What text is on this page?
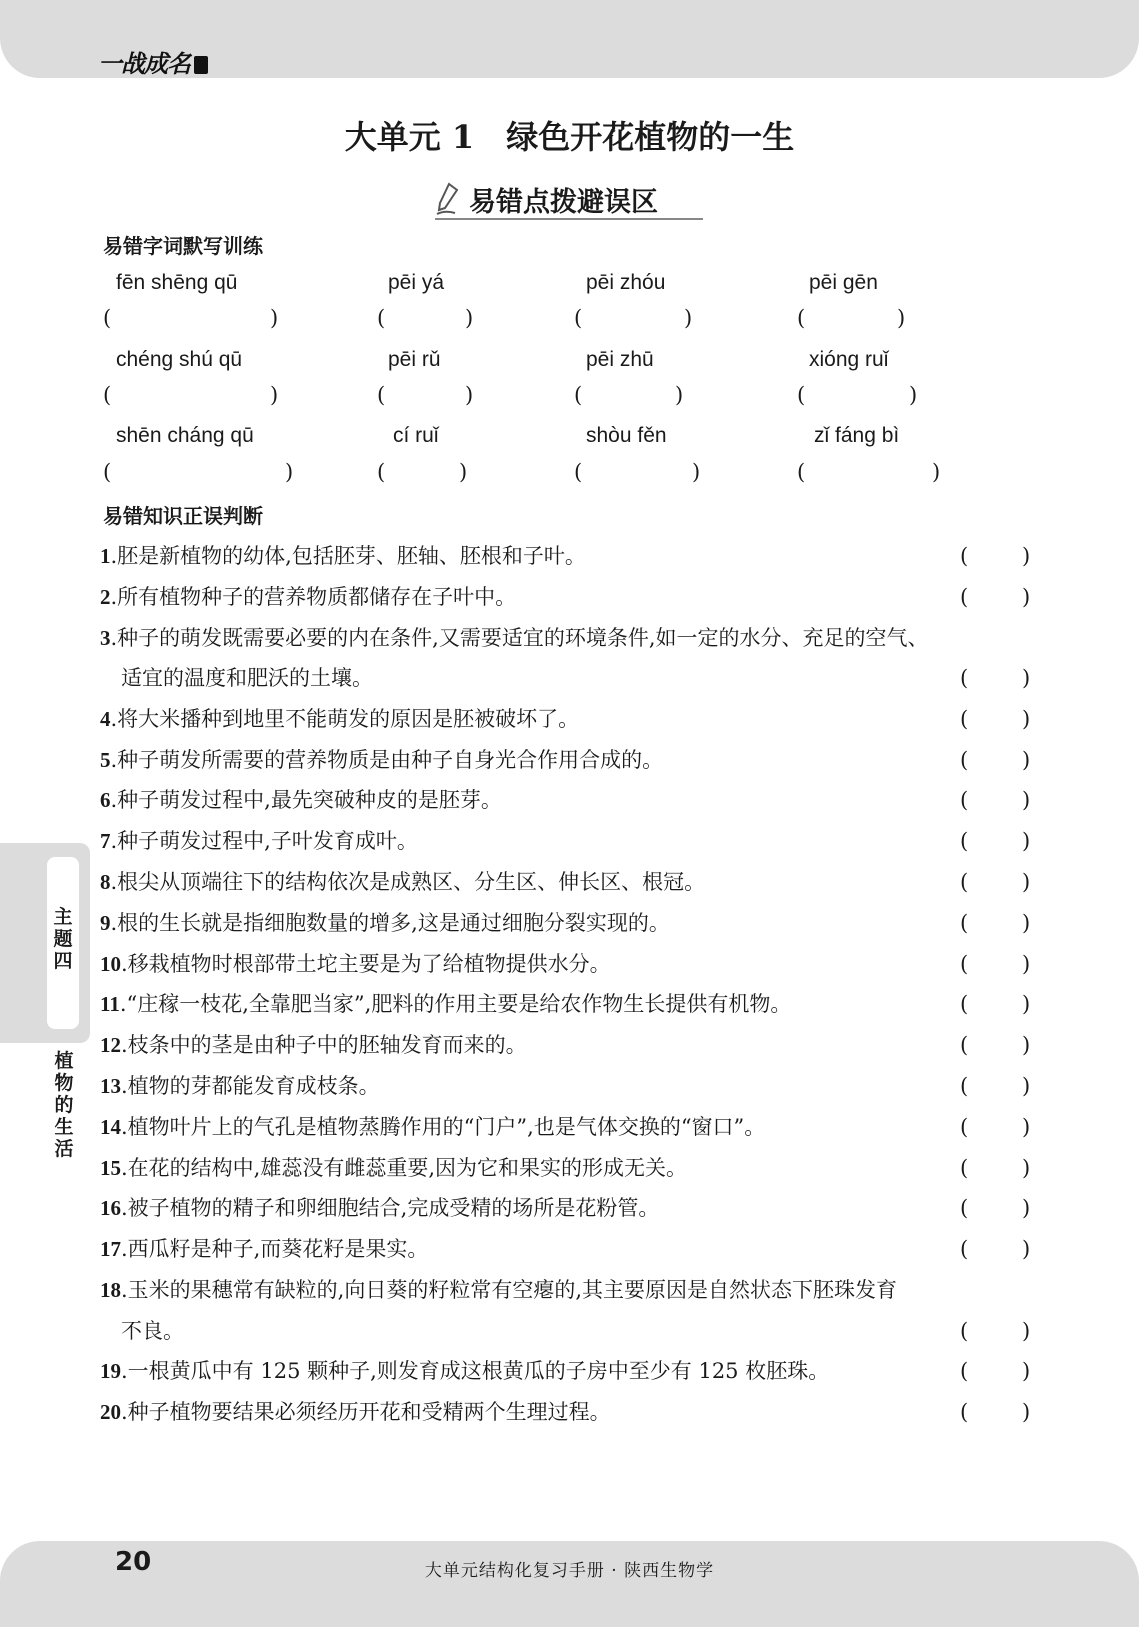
一战成名
大单元 1　绿色开花植物的一生
易错点拨避误区
易错字词默写训练
fēn shēng qū	pēi yá	pēi zhóu	pēi gēn
(	)	(	)	(	)	(	)
chéng shú qū	pēi rǔ	pēi zhū	xióng ruǐ
(	)	(	)	(	)	(	)
shēn cháng qū	cí ruǐ	shòu fěn	zǐ fáng bì
(	)	(	)	(	)	(	)
易错知识正误判断
1.胚是新植物的幼体,包括胚芽、胚轴、胚根和子叶。	(	)
2.所有植物种子的营养物质都储存在子叶中。	(	)
3.种子的萌发既需要必要的内在条件,又需要适宜的环境条件,如一定的水分、充足的空气、
适宜的温度和肥沃的土壤。	(	)
4.将大米播种到地里不能萌发的原因是胚被破坏了。	(	)
5.种子萌发所需要的营养物质是由种子自身光合作用合成的。	(	)
6.种子萌发过程中,最先突破种皮的是胚芽。	(	)
7.种子萌发过程中,子叶发育成叶。	(	)
8.根尖从顶端往下的结构依次是成熟区、分生区、伸长区、根冠。	(	)
9.根的生长就是指细胞数量的增多,这是通过细胞分裂实现的。	(	)
10.移栽植物时根部带土坨主要是为了给植物提供水分。	(	)
11.“庄稼一枝花,全靠肥当家”,肥料的作用主要是给农作物生长提供有机物。	(	)
12.枝条中的茎是由种子中的胚轴发育而来的。	(	)
13.植物的芽都能发育成枝条。	(	)
14.植物叶片上的气孔是植物蒸腾作用的“门户”,也是气体交换的“窗口”。	(	)
15.在花的结构中,雄蕊没有雌蕊重要,因为它和果实的形成无关。	(	)
16.被子植物的精子和卵细胞结合,完成受精的场所是花粉管。	(	)
17.西瓜籽是种子,而葵花籽是果实。	(	)
18.玉米的果穗常有缺粒的,向日葵的籽粒常有空瘪的,其主要原因是自然状态下胚珠发育
不良。	(	)
19.一根黄瓜中有 125 颗种子,则发育成这根黄瓜的子房中至少有 125 枚胚珠。	(	)
20.种子植物要结果必须经历开花和受精两个生理过程。	(	)
主题四
植物的生活
20	大单元结构化复习手册 · 陕西生物学
